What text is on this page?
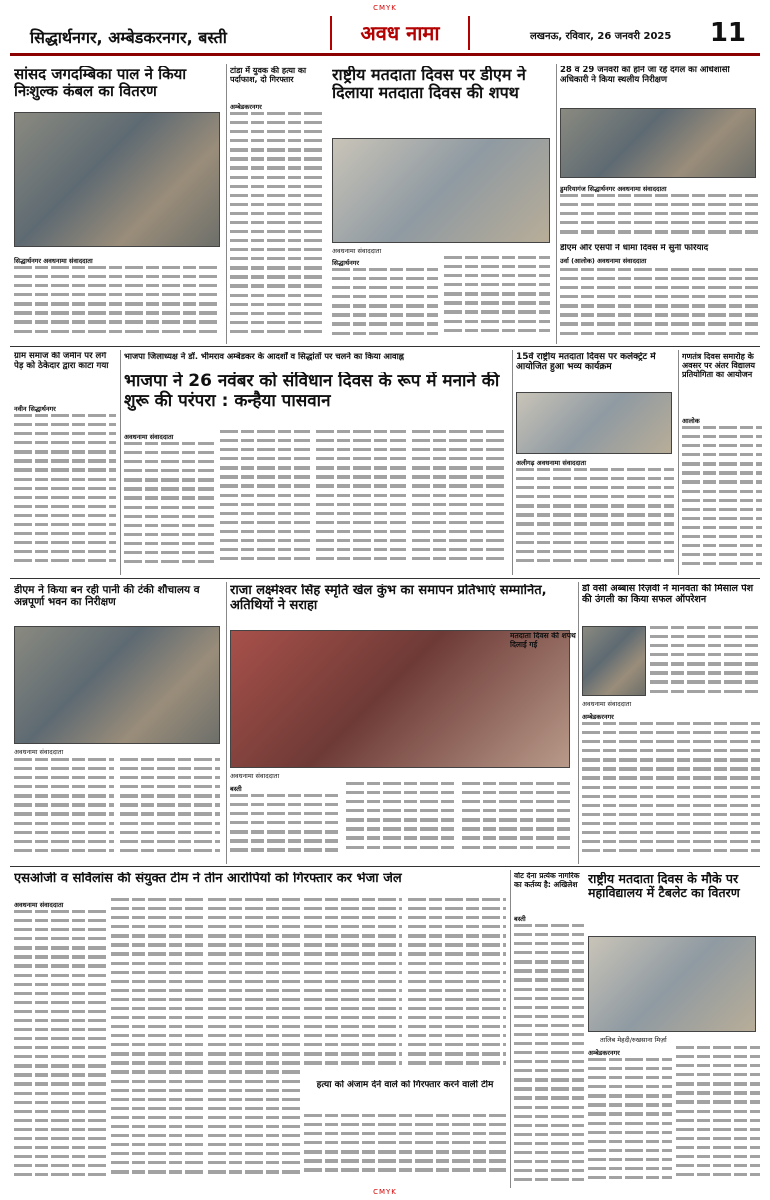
CMYK
सिद्धार्थनगर, अम्बेडकरनगर, बस्ती	अवध नामा	लखनऊ, रविवार, 26 जनवरी 2025 11
सांसद जगदम्बिका पाल ने किया निःशुल्क कंबल का वितरण
सिद्धार्थनगर अवधनामा संवाददाता
टांडा में युवक की हत्या का पर्दाफाश, दो गिरफ्तार
अम्बेडकरनगर
राष्ट्रीय मतदाता दिवस पर डीएम ने दिलाया मतदाता दिवस की शपथ
अवधनामा संवाददाता
सिद्धार्थनगर
28 व 29 जनवरी को होने जा रहे दंगल का अधिशासी अधिकारी ने किया स्थलीय निरीक्षण
डुमरियागंज सिद्धार्थनगर अवधनामा संवाददाता
डीएम और एसपी ने धामा दिवस में सुनी फरियाद
उर्वा (आलोक) अवधनामा संवाददाता
ग्राम समाज की जमीन पर लगे पेड़ को ठेकेदार द्वारा काटा गया
नवीन सिद्धार्थनगर
भाजपा जिलाध्यक्ष ने डॉ. भीमराव अम्बेडकर के आदर्शों व सिद्धांतों पर चलने का किया आवाह्न
भाजपा ने 26 नवंबर को संविधान दिवस के रूप में मनाने की शुरू की परंपरा : कन्हैया पासवान
अवधनामा संवाददाता
15वें राष्ट्रीय मतदाता दिवस पर कलेक्ट्रेट में आयोजित हुआ भव्य कार्यक्रम
अलीगढ़ अवधनामा संवाददाता
गणतंत्र दिवस समारोह के अवसर पर अंतर विद्यालय प्रतियोगिता का आयोजन
आलोक
डीएम ने किया बन रही पानी की टंकी शौचालय व अन्नपूर्णा भवन का निरीक्षण
अवधनामा संवाददाता
राजा लक्ष्मेश्वर सिंह स्मृति खेल कुंभ का समापन प्रतिभाएं सम्मानित, अतिथियों ने सराहा
अवधनामा संवाददाता
बस्ती
मतदाता दिवस की शपथ दिलाई गई
डॉ वसी अब्बास रिज़वी ने मानवता की मिसाल पेश की उंगली का किया सफल ऑपरेशन
अवधनामा संवाददाता
अम्बेडकरनगर
एसओजी व सर्विलांस की संयुक्त टीम ने तीन आरोपियों को गिरफ्तार कर भेजा जेल
अवधनामा संवाददाता
हत्या को अंजाम देने वाले को गिरफ्तार करने वाली टीम
वोट देना प्रत्येक नागरिक का कर्तव्य है: अखिलेश
बस्ती
राष्ट्रीय मतदाता दिवस के मौके पर महाविद्यालय में टैबलेट का वितरण
तालिब मेहदी/रुखसाना मिर्ज़ा
अम्बेडकरनगर
CMYK
